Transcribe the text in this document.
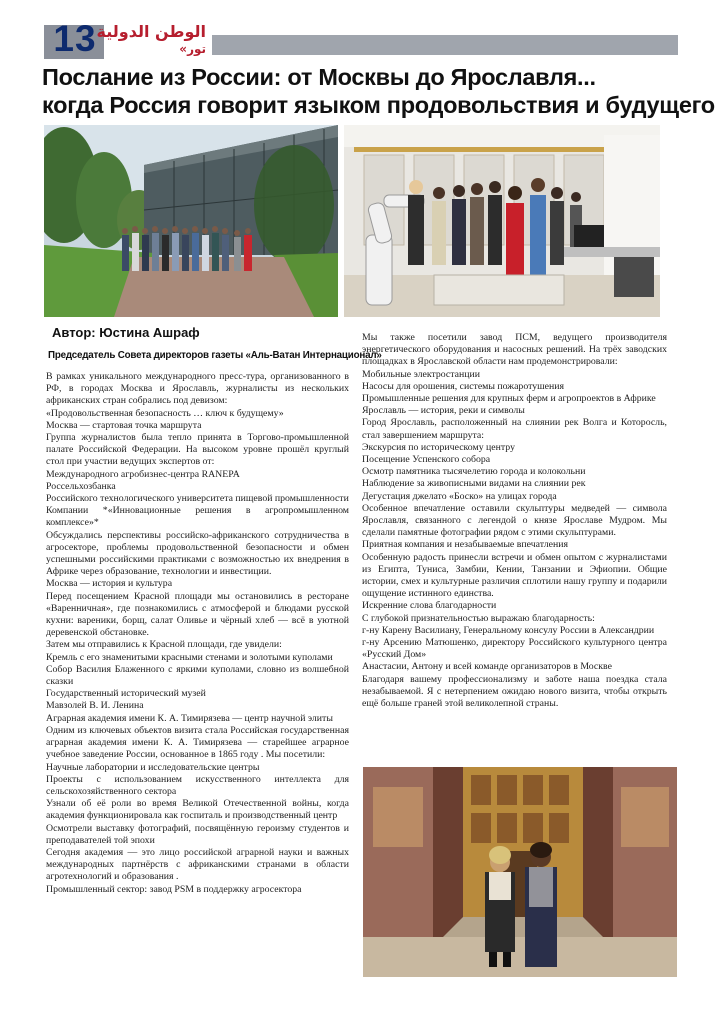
13 الوطن الدولية
تور»
Послание из России: от Москвы до Ярославля...
когда Россия говорит языком продовольствия и будущего

Автор: Юстина Ашраф

Председатель Совета директоров газеты «Аль-Ватан Интернационал»

В рамках уникального международного пресс-тура, организованного в РФ, в городах Москва и Ярославль, журналисты из нескольких африканских стран собрались под девизом:

«Продовольственная безопасность … ключ к будущему»

Москва — стартовая точка маршрута

Группа журналистов была тепло принята в Торгово-промышленной палате Российской Федерации. На высоком уровне прошёл круглый стол при участии ведущих экспертов от:

Международного агробизнес-центра RANEPA

Россельхозбанка

Российского технологического университета пищевой промышленности

Компании *«Инновационные решения в агропромышленном комплексе»*

Обсуждались перспективы российско-африканского сотрудничества в агросекторе, проблемы продовольственной безопасности и обмен успешными российскими практиками с возможностью их внедрения в Африке через образование, технологии и инвестиции.

Москва — история и культура

Перед посещением Красной площади мы остановились в ресторане «Варенничная», где познакомились с атмосферой и блюдами русской кухни: вареники, борщ, салат Оливье и чёрный хлеб — всё в уютной деревенской обстановке.

Затем мы отправились к Красной площади, где увидели:

Кремль с его знаменитыми красными стенами и золотыми куполами

Собор Василия Блаженного с яркими куполами, словно из волшебной сказки

Государственный исторический музей

Мавзолей В. И. Ленина

Аграрная академия имени К. А. Тимирязева — центр научной элиты

Одним из ключевых объектов визита стала Российская государственная аграрная академия имени К. А. Тимирязева — старейшее аграрное учебное заведение России, основанное в 1865 году . Мы посетили:

Научные лаборатории и исследовательские центры

Проекты с использованием искусственного интеллекта для сельскохозяйственного сектора

Узнали об её роли во время Великой Отечественной войны, когда академия функционировала как госпиталь и производственный центр

Осмотрели выставку фотографий, посвящённую героизму студентов и преподавателей той эпохи

Сегодня академия — это лицо российской аграрной науки и важных международных партнёрств с африканскими странами в области агротехнологий и образования .

Промышленный сектор: завод PSM в поддержку агросектора

Мы также посетили завод ПСМ, ведущего производителя энергетического оборудования и насосных решений. На трёх заводских площадках в Ярославской области нам продемонстрировали:

Мобильные электростанции

Насосы для орошения, системы пожаротушения

Промышленные решения для крупных ферм и агропроектов в Африке

Ярославль — история, реки и символы

Город Ярославль, расположенный на слиянии рек Волга и Которосль, стал завершением маршрута:

Экскурсия по историческому центру

Посещение Успенского собора

Осмотр памятника тысячелетию города и колокольни

Наблюдение за живописными видами на слиянии рек

Дегустация джелато «Боско» на улицах города

Особенное впечатление оставили скульптуры медведей — символа Ярославля, связанного с легендой о князе Ярославе Мудром. Мы сделали памятные фотографии рядом с этими скульптурами.

Приятная компания и незабываемые впечатления

Особенную радость принесли встречи и обмен опытом с журналистами из Египта, Туниса, Замбии, Кении, Танзании и Эфиопии. Общие истории, смех и культурные различия сплотили нашу группу и подарили ощущение истинного единства.

Искренние слова благодарности

С глубокой признательностью выражаю благодарность:

г-ну Карену Василиану, Генеральному консулу России в Александрии

г-ну Арсению Матюшенко, директору Российского культурного центра «Русский Дом»

Анастасии, Антону и всей команде организаторов в Москве

Благодаря вашему профессионализму и заботе наша поездка стала незабываемой. Я с нетерпением ожидаю нового визита, чтобы открыть ещё больше граней этой великолепной страны.
